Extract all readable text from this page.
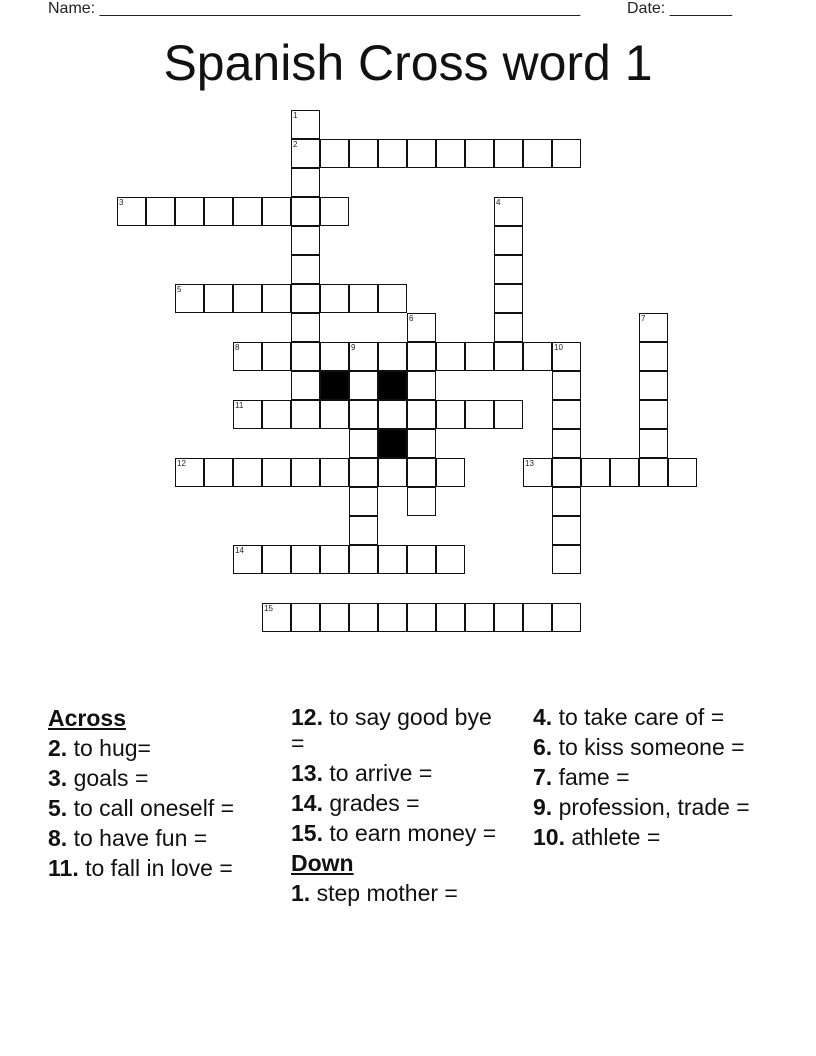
Name: ______________________________________________________	Date: _______
Spanish Cross word 1
1
2
3	4
5
6	7
8	9	10
11
12	13
14
15
Across
2. to hug=
3. goals =
5. to call oneself =
8. to have fun =
11. to fall in love =
12. to say good bye =
13. to arrive =
14. grades =
15. to earn money =
Down
1. step mother =
4. to take care of =
6. to kiss someone =
7. fame =
9. profession, trade =
10. athlete =
